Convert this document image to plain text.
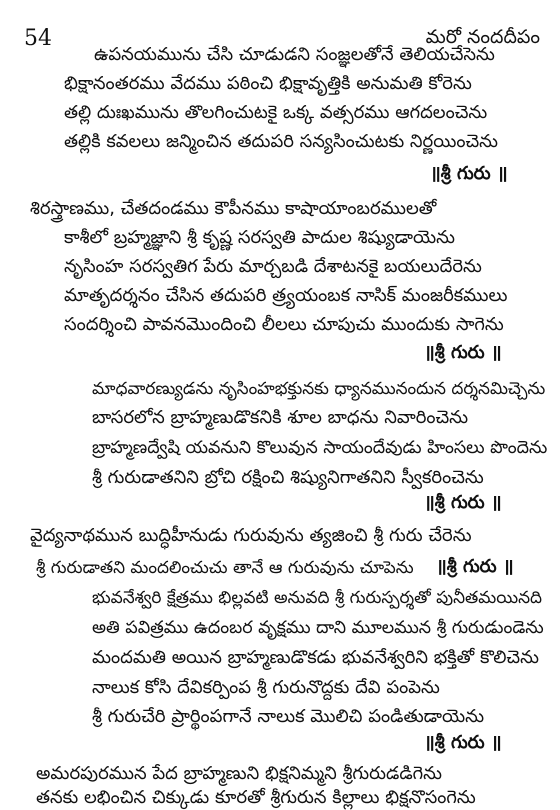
54	మరో నందదీపం
ఉపనయమును చేసి చూడుడని సంజ్ఞలతోనే తెలియచేసెను
భిక్షానంతరము వేదము పఠించి భిక్షావృత్తికి అనుమతి కోరెను
తల్లి దుఃఖమును తొలగించుటకై ఒక్క వత్సరము ఆగదలంచెను
తల్లికి కవలలు జన్మించిన తదుపరి సన్యసించుటకు నిర్ణయించెను
॥శ్రీ గురు ॥
శిరస్త్రాణము, చేతదండము కౌపీనము కాషాయాంబరములతో
కాశీలో బ్రహ్మజ్ఞాని శ్రీ కృష్ణ సరస్వతి పాదుల శిష్యుడాయెను
నృసింహ సరస్వతిగ పేరు మార్చబడి దేశాటనకై బయలుదేరెను
మాతృదర్శనం చేసిన తదుపరి త్ర్యయంబక నాసిక్ మంజరీకములు
సందర్శించి పావనమొందించి లీలలు చూపుచు ముందుకు సాగెను
॥శ్రీ గురు ॥
మాధవారణ్యుడను నృసింహభక్తునకు ధ్యానమునందున దర్శనమిచ్చెను
బాసరలోన బ్రాహ్మణుడొకనికి శూల బాధను నివారించెను
బ్రాహ్మణద్వేషి యవనుని కొలువున సాయందేవుడు హింసలు పొందెను
శ్రీ గురుడాతనిని బ్రోచి రక్షించి శిష్యునిగాతనిని స్వీకరించెను
॥శ్రీ గురు ॥
వైద్యనాథమున బుద్ధిహీనుడు గురువును త్యజించి శ్రీ గురు చేరెను
శ్రీ గురుడాతని మందలించుచు తానే ఆ గురువును చూపెను ॥శ్రీ గురు ॥
భువనేశ్వరి క్షేత్రము భిల్లవటి అనువది శ్రీ గురుస్పర్శతో పునీతమయినది
అతి పవిత్రము ఉదంబర వృక్షము దాని మూలమున శ్రీ గురుడుండెను
మందమతి అయిన బ్రాహ్మణుడొకడు భువనేశ్వరిని భక్తితో కొలిచెను
నాలుక కోసి దేవికర్పింప శ్రీ గురునొద్దకు దేవి పంపెను
శ్రీ గురుచేరి ప్రార్థింపగానే నాలుక మొలిచి పండితుడాయెను
॥శ్రీ గురు ॥
అమరపురమున పేద బ్రాహ్మణుని భిక్షనిమ్మని శ్రీగురుడడిగెను
తనకు లభించిన చిక్కుడు కూరతో శ్రీగురున కిల్లాలు భిక్షనొసంగెను
